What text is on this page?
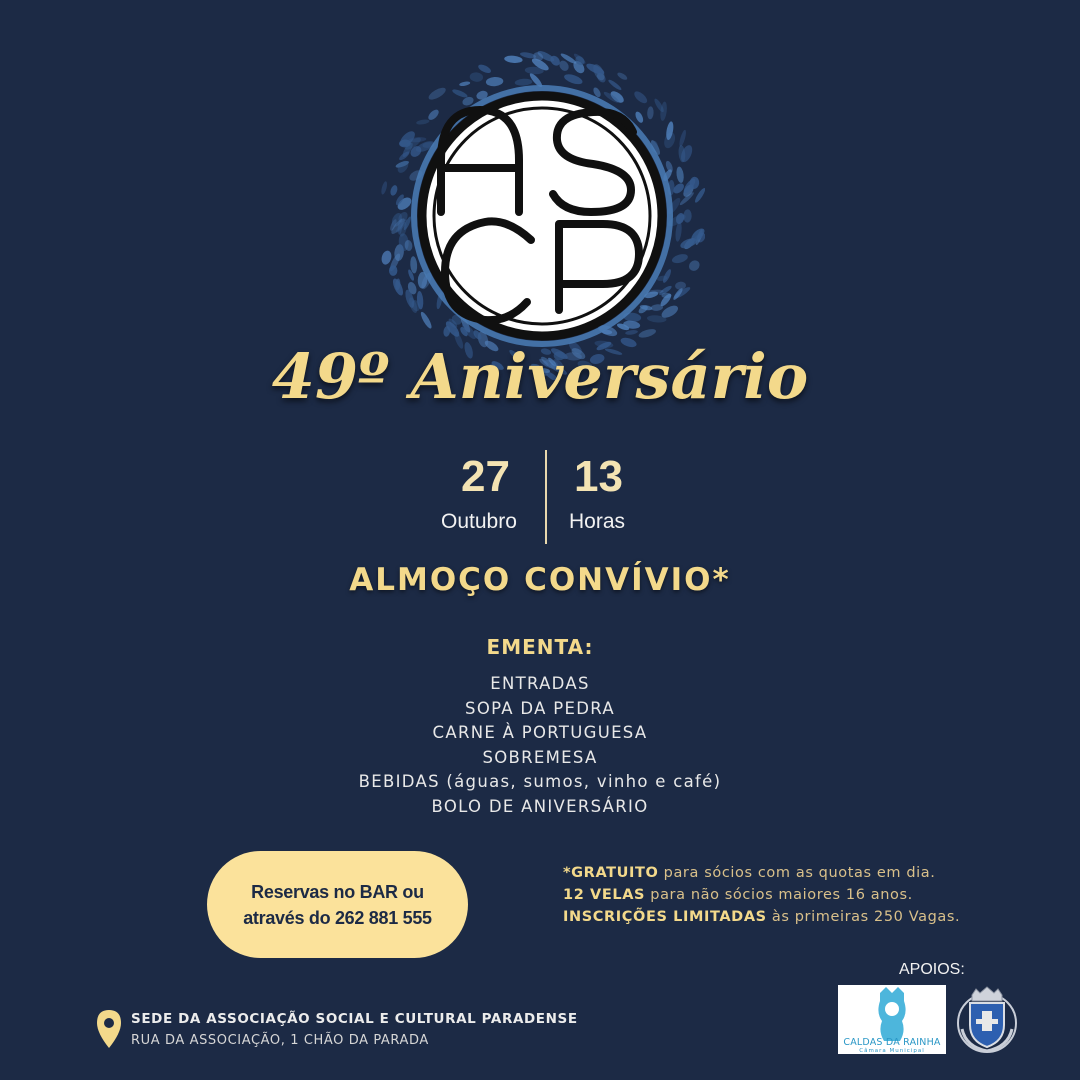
49º Aniversário
27
Outubro
13
Horas
ALMOÇO CONVÍVIO*
EMENTA:
ENTRADAS
SOPA DA PEDRA
CARNE À PORTUGUESA
SOBREMESA
BEBIDAS (águas, sumos, vinho e café)
BOLO DE ANIVERSÁRIO
Reservas no BAR ou
através do 262 881 555
*GRATUITO para sócios com as quotas em dia.
12 VELAS para não sócios maiores 16 anos.
INSCRIÇÕES LIMITADAS às primeiras 250 Vagas.
APOIOS:
CALDAS DA RAINHA
Câmara Municipal
SEDE DA ASSOCIAÇÃO SOCIAL E CULTURAL PARADENSE
RUA DA ASSOCIAÇÃO, 1 CHÃO DA PARADA
